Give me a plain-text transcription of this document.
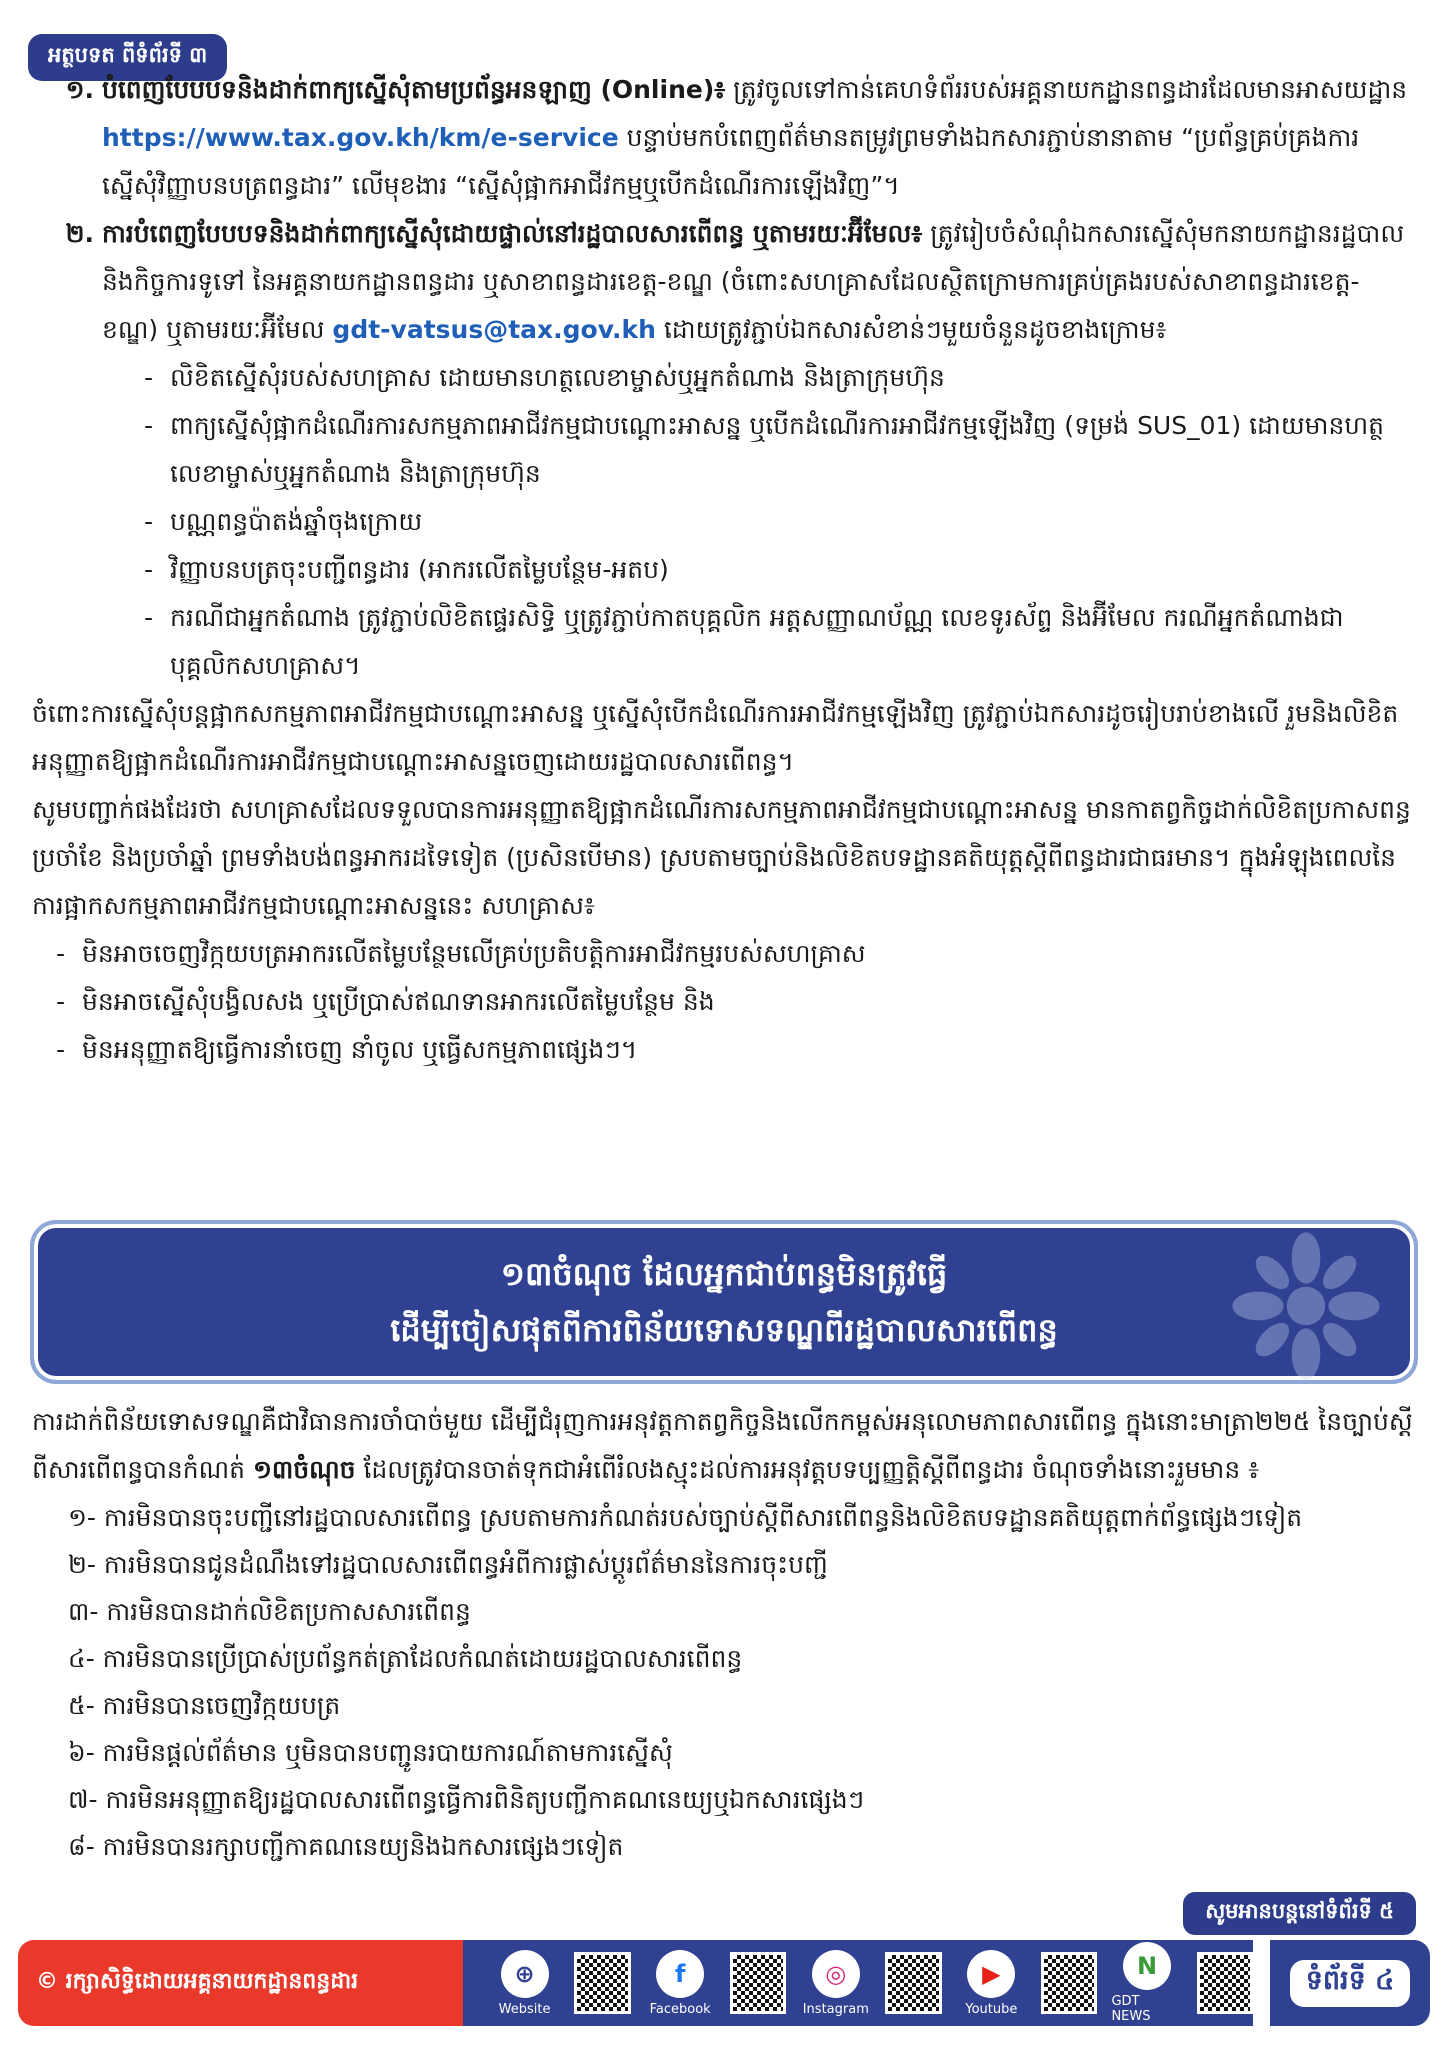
អត្ថបទត ពីទំព័រទី ៣
១. បំពេញបែបបទនិងដាក់ពាក្យស្នើសុំតាមប្រព័ន្ធអនឡាញ (Online)៖ ត្រូវចូលទៅកាន់គេហទំព័ររបស់អគ្គនាយកដ្ឋានពន្ធដារដែលមានអាសយដ្ឋាន https://www.tax.gov.kh/km/e-service បន្ទាប់មកបំពេញព័ត៌មានតម្រូវព្រមទាំងឯកសារភ្ជាប់នានាតាម “ប្រព័ន្ធគ្រប់គ្រងការស្នើសុំវិញ្ញាបនបត្រពន្ធដារ” លើមុខងារ “ស្នើសុំផ្អាកអាជីវកម្មឬបើកដំណើរការឡើងវិញ”។
២. ការបំពេញបែបបទនិងដាក់ពាក្យស្នើសុំដោយផ្ទាល់នៅរដ្ឋបាលសារពើពន្ធ ឬតាមរយៈអ៊ីមែល៖ ត្រូវរៀបចំសំណុំឯកសារស្នើសុំមកនាយកដ្ឋានរដ្ឋបាលនិងកិច្ចការទូទៅ នៃអគ្គនាយកដ្ឋានពន្ធដារ ឬសាខាពន្ធដារខេត្ត-ខណ្ឌ (ចំពោះសហគ្រាសដែលស្ថិតក្រោមការគ្រប់គ្រងរបស់សាខាពន្ធដារខេត្ត-ខណ្ឌ) ឬតាមរយៈអ៊ីមែល gdt-vatsus@tax.gov.kh ដោយត្រូវភ្ជាប់ឯកសារសំខាន់ៗមួយចំនួនដូចខាងក្រោម៖
- លិខិតស្នើសុំរបស់សហគ្រាស ដោយមានហត្ថលេខាម្ចាស់ឬអ្នកតំណាង និងត្រាក្រុមហ៊ុន
- ពាក្យស្នើសុំផ្អាកដំណើរការសកម្មភាពអាជីវកម្មជាបណ្តោះអាសន្ន ឬបើកដំណើរការអាជីវកម្មឡើងវិញ (ទម្រង់ SUS_01) ដោយមានហត្ថលេខាម្ចាស់ឬអ្នកតំណាង និងត្រាក្រុមហ៊ុន
- បណ្ណពន្ធប៉ាតង់ឆ្នាំចុងក្រោយ
- វិញ្ញាបនបត្រចុះបញ្ជីពន្ធដារ (អាករលើតម្លៃបន្ថែម-អតប)
- ករណីជាអ្នកតំណាង ត្រូវភ្ជាប់លិខិតផ្ទេរសិទ្ធិ ឬត្រូវភ្ជាប់កាតបុគ្គលិក អត្តសញ្ញាណប័ណ្ណ លេខទូរស័ព្ទ និងអ៊ីមែល ករណីអ្នកតំណាងជាបុគ្គលិកសហគ្រាស។
ចំពោះការស្នើសុំបន្តផ្អាកសកម្មភាពអាជីវកម្មជាបណ្តោះអាសន្ន ឬស្នើសុំបើកដំណើរការអាជីវកម្មឡើងវិញ ត្រូវភ្ជាប់ឯកសារដូចរៀបរាប់ខាងលើ រួមនិងលិខិតអនុញ្ញាតឱ្យផ្អាកដំណើរការអាជីវកម្មជាបណ្តោះអាសន្នចេញដោយរដ្ឋបាលសារពើពន្ធ។
សូមបញ្ជាក់ផងដែរថា សហគ្រាសដែលទទួលបានការអនុញ្ញាតឱ្យផ្អាកដំណើរការសកម្មភាពអាជីវកម្មជាបណ្តោះអាសន្ន មានកាតព្វកិច្ចដាក់លិខិតប្រកាសពន្ធប្រចាំខែ និងប្រចាំឆ្នាំ ព្រមទាំងបង់ពន្ធអាករដទៃទៀត (ប្រសិនបើមាន) ស្របតាមច្បាប់និងលិខិតបទដ្ឋានគតិយុត្តស្តីពីពន្ធដារជាធរមាន។ ក្នុងអំឡុងពេលនៃការផ្អាកសកម្មភាពអាជីវកម្មជាបណ្តោះអាសន្ននេះ សហគ្រាស៖
- មិនអាចចេញវិក្កយបត្រអាករលើតម្លៃបន្ថែមលើគ្រប់ប្រតិបត្តិការអាជីវកម្មរបស់សហគ្រាស
- មិនអាចស្នើសុំបង្វិលសង ឬប្រើប្រាស់ឥណទានអាករលើតម្លៃបន្ថែម និង
- មិនអនុញ្ញាតឱ្យធ្វើការនាំចេញ នាំចូល ឬធ្វើសកម្មភាពផ្សេងៗ។
១៣ចំណុច ដែលអ្នកជាប់ពន្ធមិនត្រូវធ្វើ
ដើម្បីចៀសផុតពីការពិន័យទោសទណ្ឌពីរដ្ឋបាលសារពើពន្ធ
ការដាក់ពិន័យទោសទណ្ឌគឺជាវិធានការចាំបាច់មួយ ដើម្បីជំរុញការអនុវត្តកាតព្វកិច្ចនិងលើកកម្ពស់អនុលោមភាពសារពើពន្ធ ក្នុងនោះមាត្រា២២៥ នៃច្បាប់ស្តីពីសារពើពន្ធបានកំណត់ ១៣ចំណុច ដែលត្រូវបានចាត់ទុកជាអំពើរំលងស្មុះដល់ការអនុវត្តបទប្បញ្ញត្តិស្តីពីពន្ធដារ ចំណុចទាំងនោះរួមមាន ៖
១- ការមិនបានចុះបញ្ជីនៅរដ្ឋបាលសារពើពន្ធ ស្របតាមការកំណត់របស់ច្បាប់ស្តីពីសារពើពន្ធនិងលិខិតបទដ្ឋានគតិយុត្តពាក់ព័ន្ធផ្សេងៗទៀត
២- ការមិនបានជូនដំណឹងទៅរដ្ឋបាលសារពើពន្ធអំពីការផ្លាស់ប្តូរព័ត៌មាននៃការចុះបញ្ជី
៣- ការមិនបានដាក់លិខិតប្រកាសសារពើពន្ធ
៤- ការមិនបានប្រើប្រាស់ប្រព័ន្ធកត់ត្រាដែលកំណត់ដោយរដ្ឋបាលសារពើពន្ធ
៥- ការមិនបានចេញវិក្កយបត្រ
៦- ការមិនផ្តល់ព័ត៌មាន ឬមិនបានបញ្ជូនរបាយការណ៍តាមការស្នើសុំ
៧- ការមិនអនុញ្ញាតឱ្យរដ្ឋបាលសារពើពន្ធធ្វើការពិនិត្យបញ្ជីកាគណនេយ្យឬឯកសារផ្សេងៗ
៨- ការមិនបានរក្សាបញ្ជីកាគណនេយ្យនិងឯកសារផ្សេងៗទៀត
សូមអានបន្តនៅទំព័រទី ៥
© រក្សាសិទ្ធិដោយអគ្គនាយកដ្ឋានពន្ធដារ	⊕
Website
f
Facebook
◎
Instagram
▶
Youtube
N
GDT NEWS
ទំព័រទី ៤
